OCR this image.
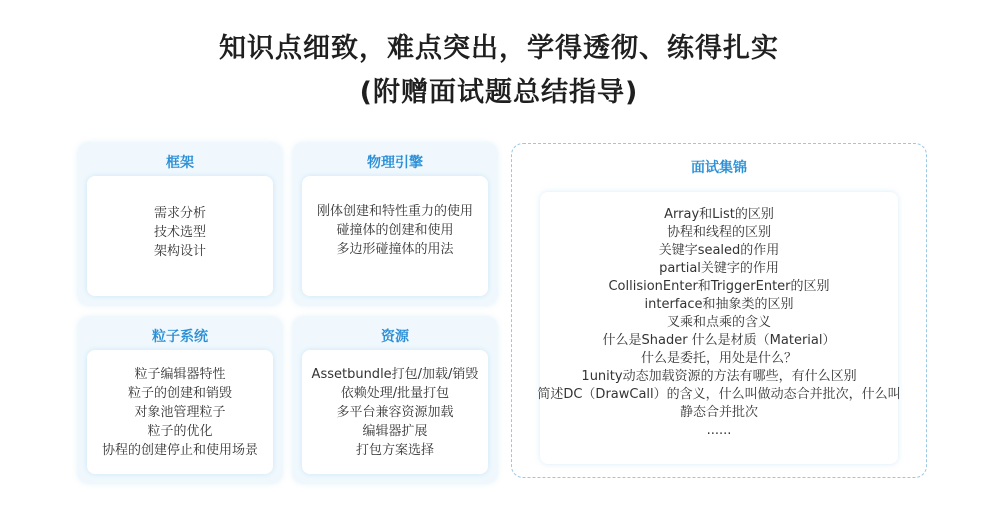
知识点细致，难点突出，学得透彻、练得扎实
(附赠面试题总结指导)
框架
需求分析
技术选型
架构设计
物理引擎
刚体创建和特性重力的使用
碰撞体的创建和使用
多边形碰撞体的用法
粒子系统
粒子编辑器特性
粒子的创建和销毁
对象池管理粒子
粒子的优化
协程的创建停止和使用场景
资源
Assetbundle打包/加载/销毁
依赖处理/批量打包
多平台兼容资源加载
编辑器扩展
打包方案选择
面试集锦
Array和List的区别
协程和线程的区别
关键字sealed的作用
partial关键字的作用
CollisionEnter和TriggerEnter的区别
interface和抽象类的区别
叉乘和点乘的含义
什么是Shader 什么是材质（Material）
什么是委托，用处是什么？
1unity动态加载资源的方法有哪些，有什么区别
简述DC（DrawCall）的含义，什么叫做动态合并批次，什么叫
静态合并批次
......
